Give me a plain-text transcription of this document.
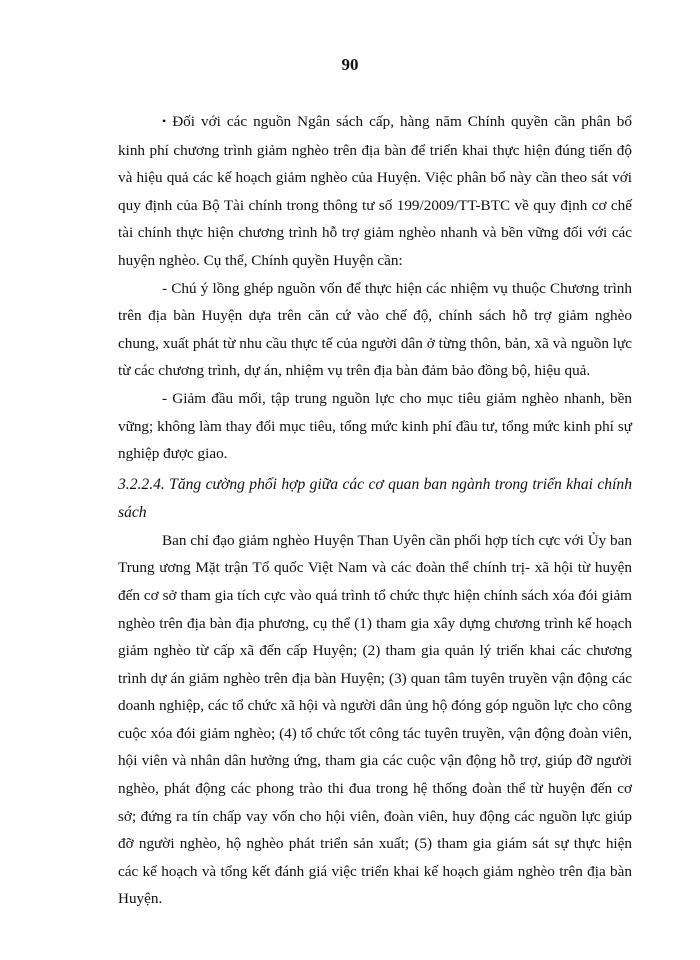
90

• Đối với các nguồn Ngân sách cấp, hàng năm Chính quyền cần phân bổ kinh phí chương trình giảm nghèo trên địa bàn để triển khai thực hiện đúng tiến độ và hiệu quả các kế hoạch giảm nghèo của Huyện. Việc phân bổ này cần theo sát với quy định của Bộ Tài chính trong thông tư số 199/2009/TT-BTC về quy định cơ chế tài chính thực hiện chương trình hỗ trợ giảm nghèo nhanh và bền vững đối với các huyện nghèo. Cụ thể, Chính quyền Huyện cần:

- Chú ý lồng ghép nguồn vốn để thực hiện các nhiệm vụ thuộc Chương trình trên địa bàn Huyện dựa trên căn cứ vào chế độ, chính sách hỗ trợ giảm nghèo chung, xuất phát từ nhu cầu thực tế của người dân ở từng thôn, bản, xã và nguồn lực từ các chương trình, dự án, nhiệm vụ trên địa bàn đảm bảo đồng bộ, hiệu quả.

- Giảm đầu mối, tập trung nguồn lực cho mục tiêu giảm nghèo nhanh, bền vững; không làm thay đổi mục tiêu, tổng mức kinh phí đầu tư, tổng mức kinh phí sự nghiệp được giao.

3.2.2.4. Tăng cường phối hợp giữa các cơ quan ban ngành trong triển khai chính sách

Ban chỉ đạo giảm nghèo Huyện Than Uyên cần phối hợp tích cực với Ủy ban Trung ương Mặt trận Tổ quốc Việt Nam và các đoàn thể chính trị- xã hội từ huyện đến cơ sở tham gia tích cực vào quá trình tổ chức thực hiện chính sách xóa đói giảm nghèo trên địa bàn địa phương, cụ thể (1) tham gia xây dựng chương trình kế hoạch giảm nghèo từ cấp xã đến cấp Huyện; (2) tham gia quản lý triển khai các chương trình dự án giảm nghèo trên địa bàn Huyện; (3) quan tâm tuyên truyền vận động các doanh nghiệp, các tổ chức xã hội và người dân ủng hộ đóng góp nguồn lực cho công cuộc xóa đói giảm nghèo; (4) tổ chức tốt công tác tuyên truyền, vận động đoàn viên, hội viên và nhân dân hưởng ứng, tham gia các cuộc vận động hỗ trợ, giúp đỡ người nghèo, phát động các phong trào thi đua trong hệ thống đoàn thể từ huyện đến cơ sở; đứng ra tín chấp vay vốn cho hội viên, đoàn viên, huy động các nguồn lực giúp đỡ người nghèo, hộ nghèo phát triển sản xuất; (5) tham gia giám sát sự thực hiện các kế hoạch và tổng kết đánh giá việc triển khai kế hoạch giảm nghèo trên địa bàn Huyện.
